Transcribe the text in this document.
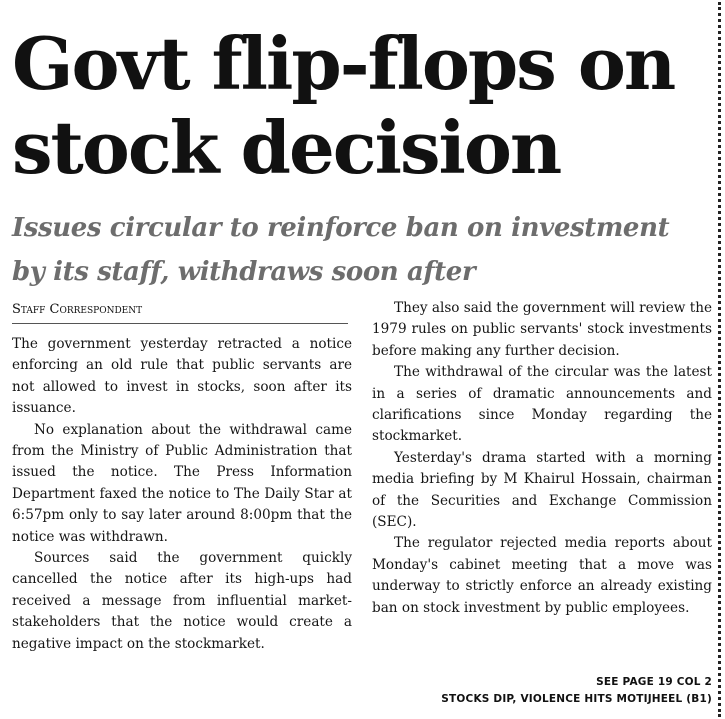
Govt flip-flops on
stock decision
Issues circular to reinforce ban on investment
by its staff, withdraws soon after
Staff Correspondent

The government yesterday retracted a notice enforcing an old rule that public servants are not allowed to invest in stocks, soon after its issuance.

No explanation about the withdrawal came from the Ministry of Public Administration that issued the notice. The Press Information Department faxed the notice to The Daily Star at 6:57pm only to say later around 8:00pm that the notice was withdrawn.

Sources said the government quickly cancelled the notice after its high-ups had received a message from influential market-stakeholders that the notice would create a negative impact on the stockmarket.

They also said the government will review the 1979 rules on public servants' stock investments before making any further decision.

The withdrawal of the circular was the latest in a series of dramatic announcements and clarifications since Monday regarding the stockmarket.

Yesterday's drama started with a morning media briefing by M Khairul Hossain, chairman of the Securities and Exchange Commission (SEC).

The regulator rejected media reports about Monday's cabinet meeting that a move was underway to strictly enforce an already existing ban on stock investment by public employees.

SEE PAGE 19 COL 2
STOCKS DIP, VIOLENCE HITS MOTIJHEEL (B1)
